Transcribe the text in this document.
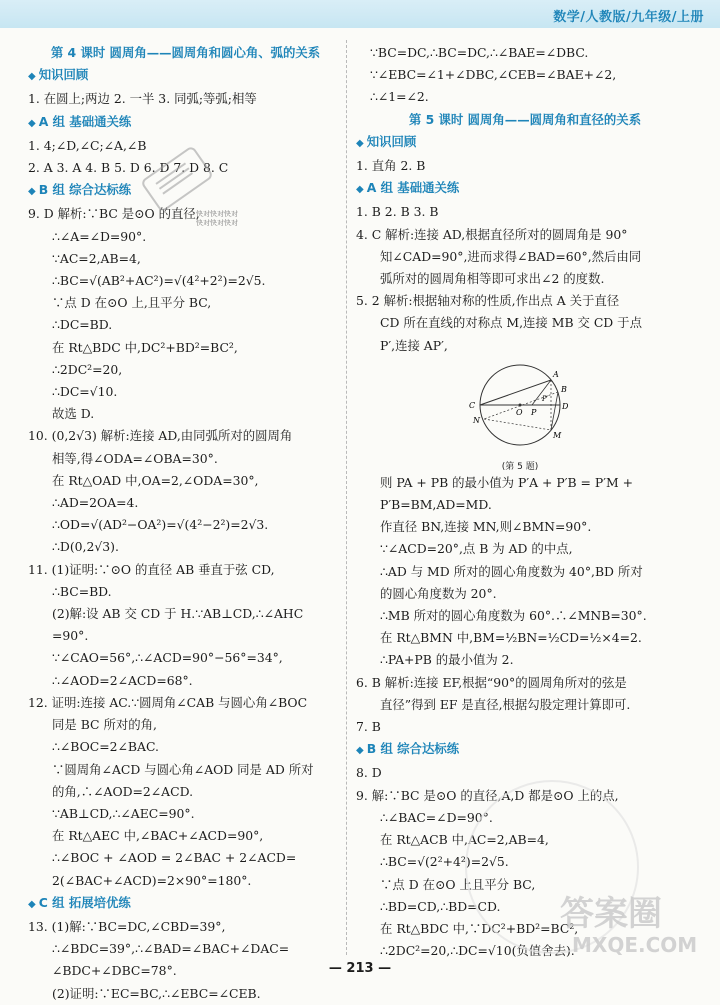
数学/人教版/九年级/上册
第 4 课时 圆周角——圆周角和圆心角、弧的关系
◆ 知识回顾
1. 在圆上;两边 2. 一半 3. 同弧;等弧;相等
◆ A 组 基础通关练
1. 4;∠D,∠C;∠A,∠B
2. A 3. A 4. B 5. D 6. D 7. D 8. C
◆ B 组 综合达标练
9. D 解析:∵BC 是⊙O 的直径,
∴∠A=∠D=90°.
∵AC=2,AB=4,
∴BC=√(AB²+AC²)=√(4²+2²)=2√5.
∵点 D 在⊙O 上,且平分 BC,
∴DC=BD.
在 Rt△BDC 中,DC²+BD²=BC²,
∴2DC²=20,
∴DC=√10.
故选 D.
10. (0,2√3) 解析:连接 AD,由同弧所对的圆周角
相等,得∠ODA=∠OBA=30°.
在 Rt△OAD 中,OA=2,∠ODA=30°,
∴AD=2OA=4.
∴OD=√(AD²−OA²)=√(4²−2²)=2√3.
∴D(0,2√3).
11. (1)证明:∵⊙O 的直径 AB 垂直于弦 CD,
∴BC=BD.
(2)解:设 AB 交 CD 于 H.∵AB⊥CD,∴∠AHC
=90°.
∵∠CAO=56°,∴∠ACD=90°−56°=34°,
∴∠AOD=2∠ACD=68°.
12. 证明:连接 AC.∵圆周角∠CAB 与圆心角∠BOC
同是 BC 所对的角,
∴∠BOC=2∠BAC.
∵圆周角∠ACD 与圆心角∠AOD 同是 AD 所对
的角,∴∠AOD=2∠ACD.
∵AB⊥CD,∴∠AEC=90°.
在 Rt△AEC 中,∠BAC+∠ACD=90°,
∴∠BOC + ∠AOD = 2∠BAC + 2∠ACD=
2(∠BAC+∠ACD)=2×90°=180°.
◆ C 组 拓展培优练
13. (1)解:∵BC=DC,∠CBD=39°,
∴∠BDC=39°,∴∠BAD=∠BAC+∠DAC=
∠BDC+∠DBC=78°.
(2)证明:∵EC=BC,∴∠EBC=∠CEB.
∵BC=DC,∴BC=DC,∴∠BAE=∠DBC.
∵∠EBC=∠1+∠DBC,∠CEB=∠BAE+∠2,
∴∠1=∠2.
第 5 课时 圆周角——圆周角和直径的关系
◆ 知识回顾
1. 直角 2. B
◆ A 组 基础通关练
1. B 2. B 3. B
4. C 解析:连接 AD,根据直径所对的圆周角是 90°
知∠CAD=90°,进而求得∠BAD=60°,然后由同
弧所对的圆周角相等即可求出∠2 的度数.
5. 2 解析:根据轴对称的性质,作出点 A 关于直径
CD 所在直线的对称点 M,连接 MB 交 CD 于点
P′,连接 AP′,
A
B
C	D
O P
P′
N
M
(第 5 题)
则 PA + PB 的最小值为 P′A + P′B = P′M +
P′B=BM,AD=MD.
作直径 BN,连接 MN,则∠BMN=90°.
∵∠ACD=20°,点 B 为 AD 的中点,
∴AD 与 MD 所对的圆心角度数为 40°,BD 所对
的圆心角度数为 20°.
∴MB 所对的圆心角度数为 60°.∴∠MNB=30°.
在 Rt△BMN 中,BM=½BN=½CD=½×4=2.
∴PA+PB 的最小值为 2.
6. B 解析:连接 EF,根据“90°的圆周角所对的弦是
直径”得到 EF 是直径,根据勾股定理计算即可.
7. B
◆ B 组 综合达标练
8. D
9. 解:∵BC 是⊙O 的直径,A,D 都是⊙O 上的点,
∴∠BAC=∠D=90°.
在 Rt△ACB 中,AC=2,AB=4,
∴BC=√(2²+4²)=2√5.
∵点 D 在⊙O 上且平分 BC,
∴BD=CD,∴BD=CD.
在 Rt△BDC 中,∵DC²+BD²=BC²,
∴2DC²=20,∴DC=√10(负值舍去).
快对快对快对
快对快对快对
答案圈
MXQE.COM
— 213 —
